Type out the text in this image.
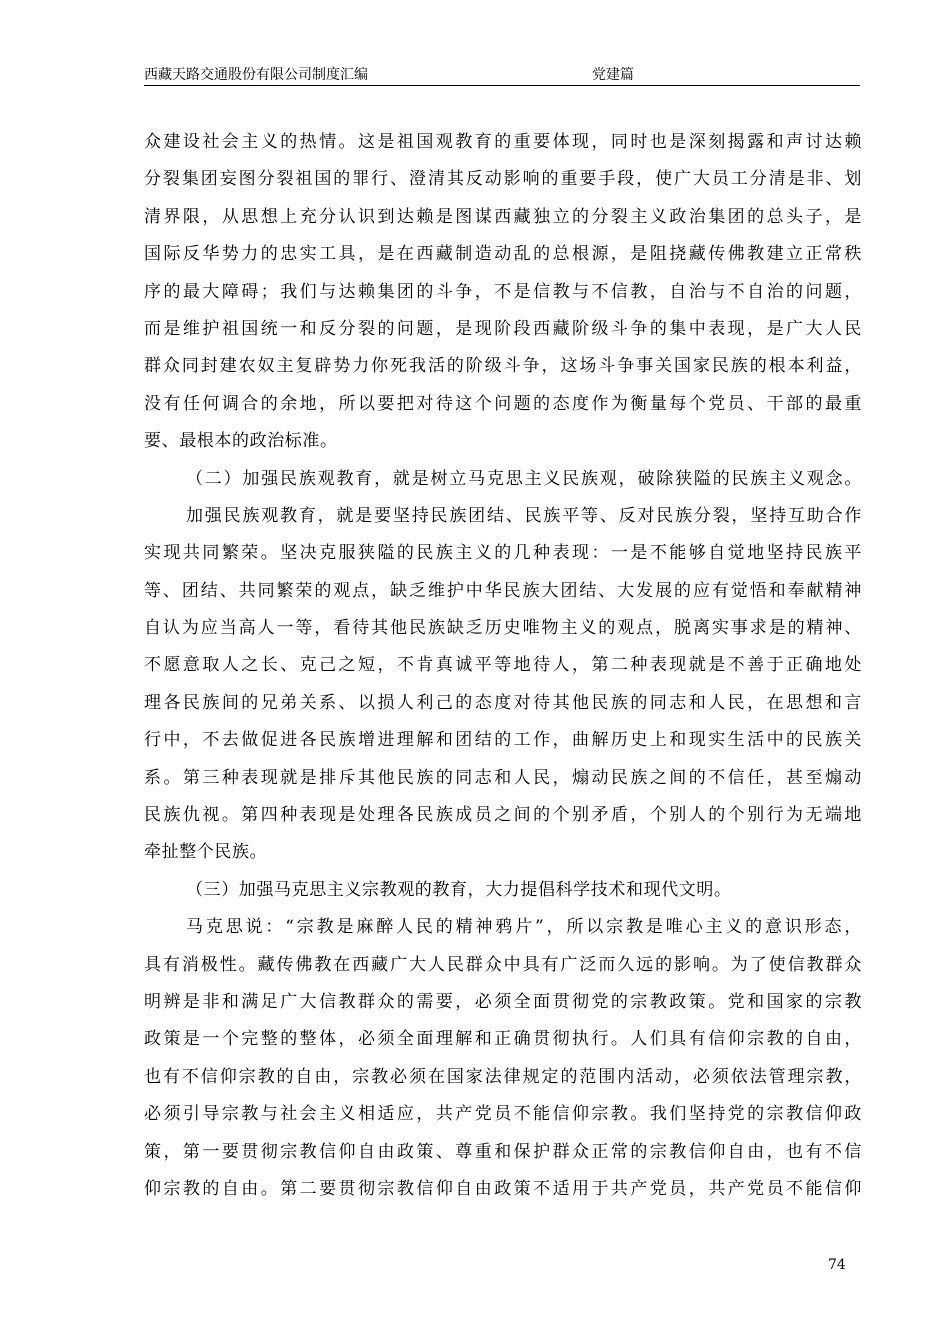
西藏天路交通股份有限公司制度汇编	党建篇
众建设社会主义的热情。这是祖国观教育的重要体现，同时也是深刻揭露和声讨达赖
分裂集团妄图分裂祖国的罪行、澄清其反动影响的重要手段，使广大员工分清是非、划
清界限，从思想上充分认识到达赖是图谋西藏独立的分裂主义政治集团的总头子，是
国际反华势力的忠实工具，是在西藏制造动乱的总根源，是阻挠藏传佛教建立正常秩
序的最大障碍；我们与达赖集团的斗争，不是信教与不信教，自治与不自治的问题，
而是维护祖国统一和反分裂的问题，是现阶段西藏阶级斗争的集中表现，是广大人民
群众同封建农奴主复辟势力你死我活的阶级斗争，这场斗争事关国家民族的根本利益，
没有任何调合的余地，所以要把对待这个问题的态度作为衡量每个党员、干部的最重
要、最根本的政治标准。
（二）加强民族观教育，就是树立马克思主义民族观，破除狭隘的民族主义观念。
加强民族观教育，就是要坚持民族团结、民族平等、反对民族分裂，坚持互助合作
实现共同繁荣。坚决克服狭隘的民族主义的几种表现：一是不能够自觉地坚持民族平
等、团结、共同繁荣的观点，缺乏维护中华民族大团结、大发展的应有觉悟和奉献精神
自认为应当高人一等，看待其他民族缺乏历史唯物主义的观点，脱离实事求是的精神、
不愿意取人之长、克己之短，不肯真诚平等地待人，第二种表现就是不善于正确地处
理各民族间的兄弟关系、以损人利己的态度对待其他民族的同志和人民，在思想和言
行中，不去做促进各民族增进理解和团结的工作，曲解历史上和现实生活中的民族关
系。第三种表现就是排斥其他民族的同志和人民，煽动民族之间的不信任，甚至煽动
民族仇视。第四种表现是处理各民族成员之间的个别矛盾，个别人的个别行为无端地
牵扯整个民族。
（三）加强马克思主义宗教观的教育，大力提倡科学技术和现代文明。
马克思说：“宗教是麻醉人民的精神鸦片”，所以宗教是唯心主义的意识形态，
具有消极性。藏传佛教在西藏广大人民群众中具有广泛而久远的影响。为了使信教群众
明辨是非和满足广大信教群众的需要，必须全面贯彻党的宗教政策。党和国家的宗教
政策是一个完整的整体，必须全面理解和正确贯彻执行。人们具有信仰宗教的自由，
也有不信仰宗教的自由，宗教必须在国家法律规定的范围内活动，必须依法管理宗教，
必须引导宗教与社会主义相适应，共产党员不能信仰宗教。我们坚持党的宗教信仰政
策，第一要贯彻宗教信仰自由政策、尊重和保护群众正常的宗教信仰自由，也有不信
仰宗教的自由。第二要贯彻宗教信仰自由政策不适用于共产党员，共产党员不能信仰
74
